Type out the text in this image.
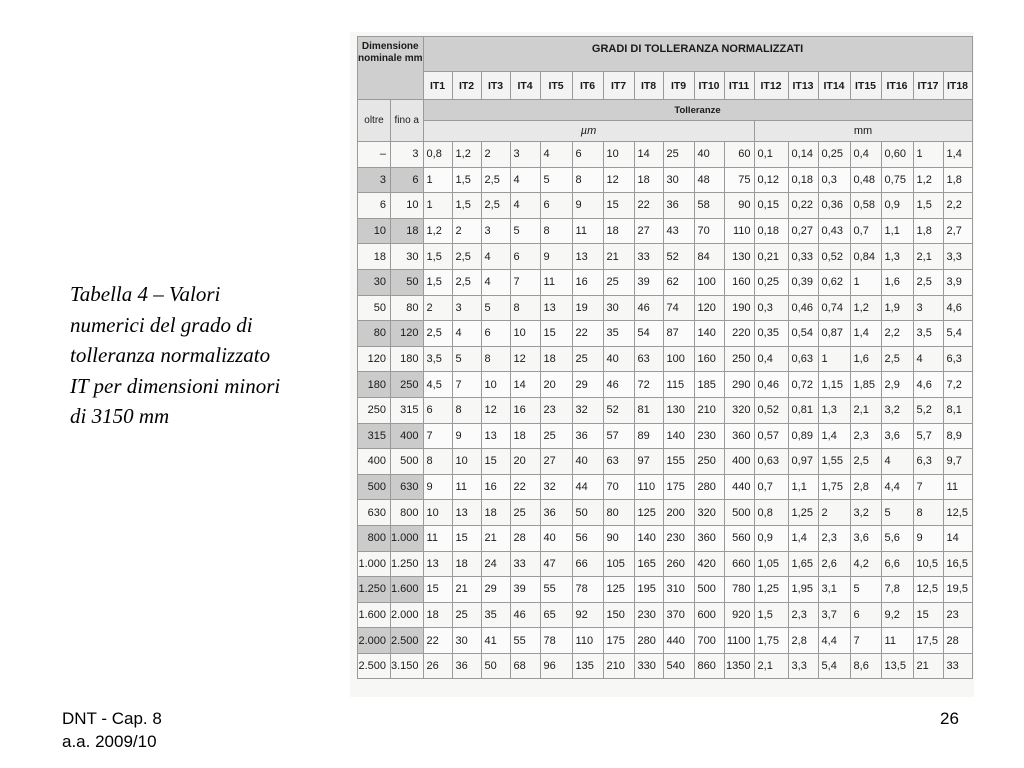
Tabella 4 – Valori
numerici del grado di
tolleranza normalizzato
IT per dimensioni minori
di 3150 mm
Dimensione nominale mm		GRADI DI TOLLERANZA NORMALIZZATI																	
		IT1	IT2	IT3	IT4	IT5	IT6	IT7	IT8	IT9	IT10	IT11	IT12	IT13	IT14	IT15	IT16	IT17	IT18
oltre	fino a	Tolleranze																	
		µm											mm						
–	3	0,8	1,2	2	3	4	6	10	14	25	40	60	0,1	0,14	0,25	0,4	0,60	1	1,4
3	6	1	1,5	2,5	4	5	8	12	18	30	48	75	0,12	0,18	0,3	0,48	0,75	1,2	1,8
6	10	1	1,5	2,5	4	6	9	15	22	36	58	90	0,15	0,22	0,36	0,58	0,9	1,5	2,2
10	18	1,2	2	3	5	8	11	18	27	43	70	110	0,18	0,27	0,43	0,7	1,1	1,8	2,7
18	30	1,5	2,5	4	6	9	13	21	33	52	84	130	0,21	0,33	0,52	0,84	1,3	2,1	3,3
30	50	1,5	2,5	4	7	11	16	25	39	62	100	160	0,25	0,39	0,62	1	1,6	2,5	3,9
50	80	2	3	5	8	13	19	30	46	74	120	190	0,3	0,46	0,74	1,2	1,9	3	4,6
80	120	2,5	4	6	10	15	22	35	54	87	140	220	0,35	0,54	0,87	1,4	2,2	3,5	5,4
120	180	3,5	5	8	12	18	25	40	63	100	160	250	0,4	0,63	1	1,6	2,5	4	6,3
180	250	4,5	7	10	14	20	29	46	72	115	185	290	0,46	0,72	1,15	1,85	2,9	4,6	7,2
250	315	6	8	12	16	23	32	52	81	130	210	320	0,52	0,81	1,3	2,1	3,2	5,2	8,1
315	400	7	9	13	18	25	36	57	89	140	230	360	0,57	0,89	1,4	2,3	3,6	5,7	8,9
400	500	8	10	15	20	27	40	63	97	155	250	400	0,63	0,97	1,55	2,5	4	6,3	9,7
500	630	9	11	16	22	32	44	70	110	175	280	440	0,7	1,1	1,75	2,8	4,4	7	11
630	800	10	13	18	25	36	50	80	125	200	320	500	0,8	1,25	2	3,2	5	8	12,5
800	1.000	11	15	21	28	40	56	90	140	230	360	560	0,9	1,4	2,3	3,6	5,6	9	14
1.000	1.250	13	18	24	33	47	66	105	165	260	420	660	1,05	1,65	2,6	4,2	6,6	10,5	16,5
1.250	1.600	15	21	29	39	55	78	125	195	310	500	780	1,25	1,95	3,1	5	7,8	12,5	19,5
1.600	2.000	18	25	35	46	65	92	150	230	370	600	920	1,5	2,3	3,7	6	9,2	15	23
2.000	2.500	22	30	41	55	78	110	175	280	440	700	1100	1,75	2,8	4,4	7	11	17,5	28
2.500	3.150	26	36	50	68	96	135	210	330	540	860	1350	2,1	3,3	5,4	8,6	13,5	21	33
DNT - Cap. 8
a.a. 2009/10
26
